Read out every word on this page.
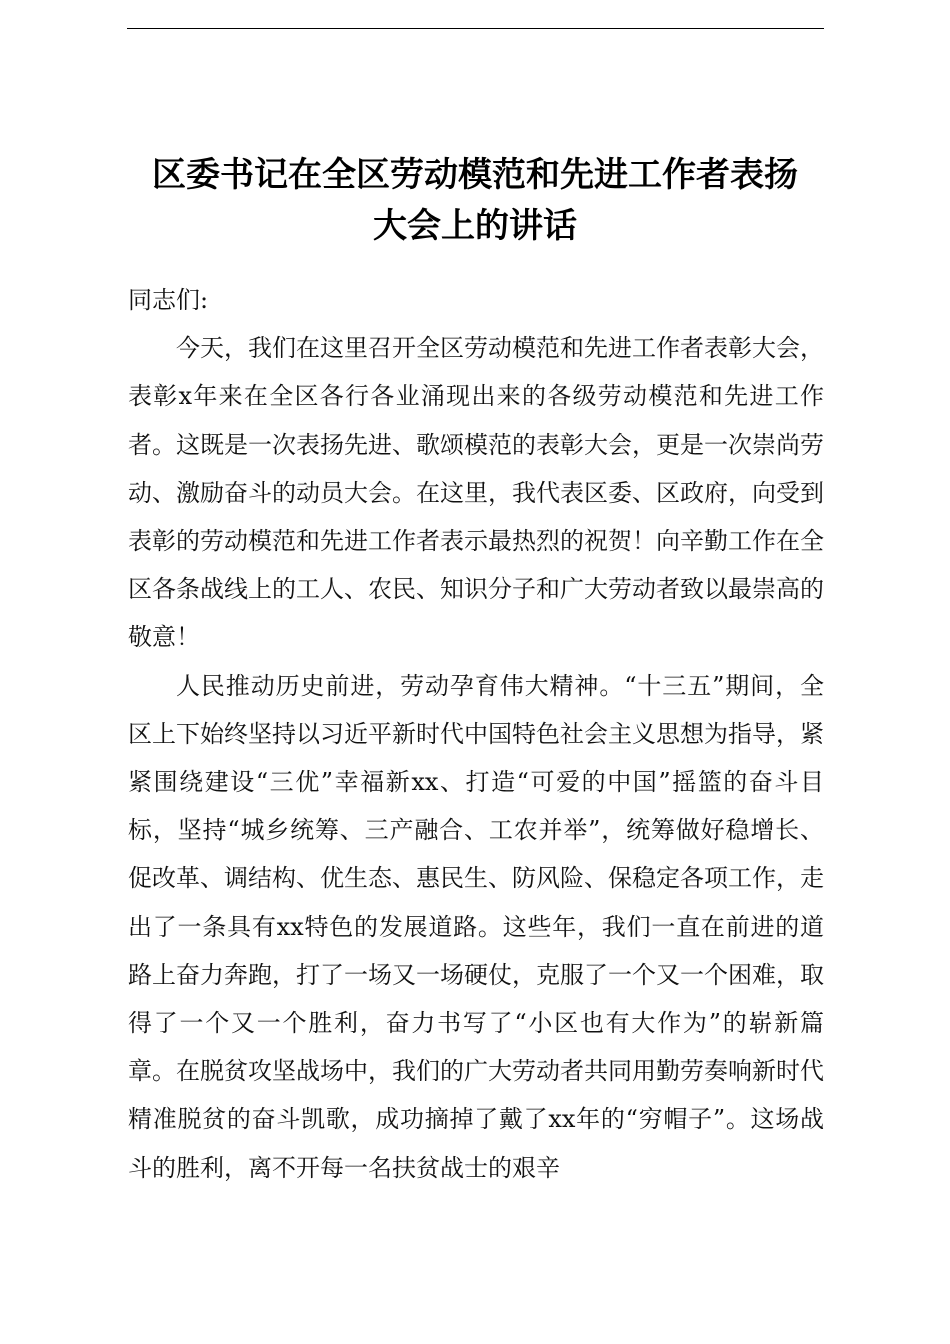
区委书记在全区劳动模范和先进工作者表扬
大会上的讲话

同志们:

今天，我们在这里召开全区劳动模范和先进工作者表彰大会，表彰x年来在全区各行各业涌现出来的各级劳动模范和先进工作者。这既是一次表扬先进、歌颂模范的表彰大会，更是一次崇尚劳动、激励奋斗的动员大会。在这里，我代表区委、区政府，向受到表彰的劳动模范和先进工作者表示最热烈的祝贺！向辛勤工作在全区各条战线上的工人、农民、知识分子和广大劳动者致以最崇高的敬意！

人民推动历史前进，劳动孕育伟大精神。“十三五”期间，全区上下始终坚持以习近平新时代中国特色社会主义思想为指导，紧紧围绕建设“三优”幸福新xx、打造“可爱的中国”摇篮的奋斗目标，坚持“城乡统筹、三产融合、工农并举”，统筹做好稳增长、促改革、调结构、优生态、惠民生、防风险、保稳定各项工作，走出了一条具有xx特色的发展道路。这些年，我们一直在前进的道路上奋力奔跑，打了一场又一场硬仗，克服了一个又一个困难，取得了一个又一个胜利，奋力书写了“小区也有大作为”的崭新篇章。在脱贫攻坚战场中，我们的广大劳动者共同用勤劳奏响新时代精准脱贫的奋斗凯歌，成功摘掉了戴了xx年的“穷帽子”。这场战斗的胜利，离不开每一名扶贫战士的艰辛
